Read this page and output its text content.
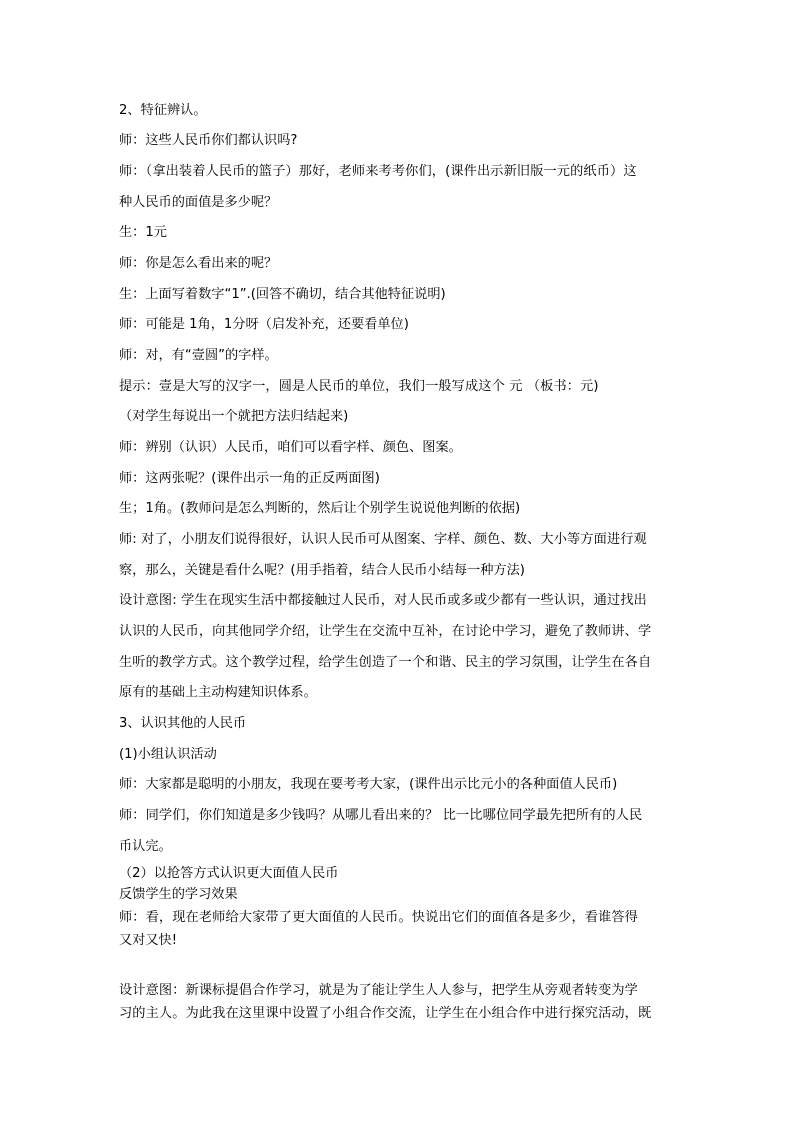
2、特征辨认。
师：这些人民币你们都认识吗?
师：（拿出装着人民币的篮子）那好，老师来考考你们，(课件出示新旧版一元的纸币）这
种人民币的面值是多少呢？
生：1元
师：你是怎么看出来的呢？
生：上面写着数字“1”.(回答不确切，结合其他特征说明)
师：可能是 1角，1分呀（启发补充，还要看单位)
师：对，有“壹圆”的字样。
提示：壹是大写的汉字一，圆是人民币的单位，我们一般写成这个 元 （板书：元)
（对学生每说出一个就把方法归结起来)
师：辨别（认识）人民币，咱们可以看字样、颜色、图案。
师：这两张呢？(课件出示一角的正反两面图)
生；1角。(教师问是怎么判断的，然后让个别学生说说他判断的依据)
师: 对了，小朋友们说得很好，认识人民币可从图案、字样、颜色、数、大小等方面进行观
察，那么，关键是看什么呢？(用手指着，结合人民币小结每一种方法)
设计意图: 学生在现实生活中都接触过人民币，对人民币或多或少都有一些认识，通过找出
认识的人民币，向其他同学介绍，让学生在交流中互补，在讨论中学习，避免了教师讲、学
生听的教学方式。这个教学过程，给学生创造了一个和谐、民主的学习氛围，让学生在各自
原有的基础上主动构建知识体系。
3、认识其他的人民币
(1)小组认识活动
师：大家都是聪明的小朋友，我现在要考考大家，(课件出示比元小的各种面值人民币)
师：同学们，你们知道是多少钱吗？从哪儿看出来的？ 比一比哪位同学最先把所有的人民
币认完。
（2）以抢答方式认识更大面值人民币
反馈学生的学习效果
师：看，现在老师给大家带了更大面值的人民币。快说出它们的面值各是多少，看谁答得
又对又快!
设计意图：新课标提倡合作学习，就是为了能让学生人人参与，把学生从旁观者转变为学
习的主人。为此我在这里课中设置了小组合作交流，让学生在小组合作中进行探究活动，既
